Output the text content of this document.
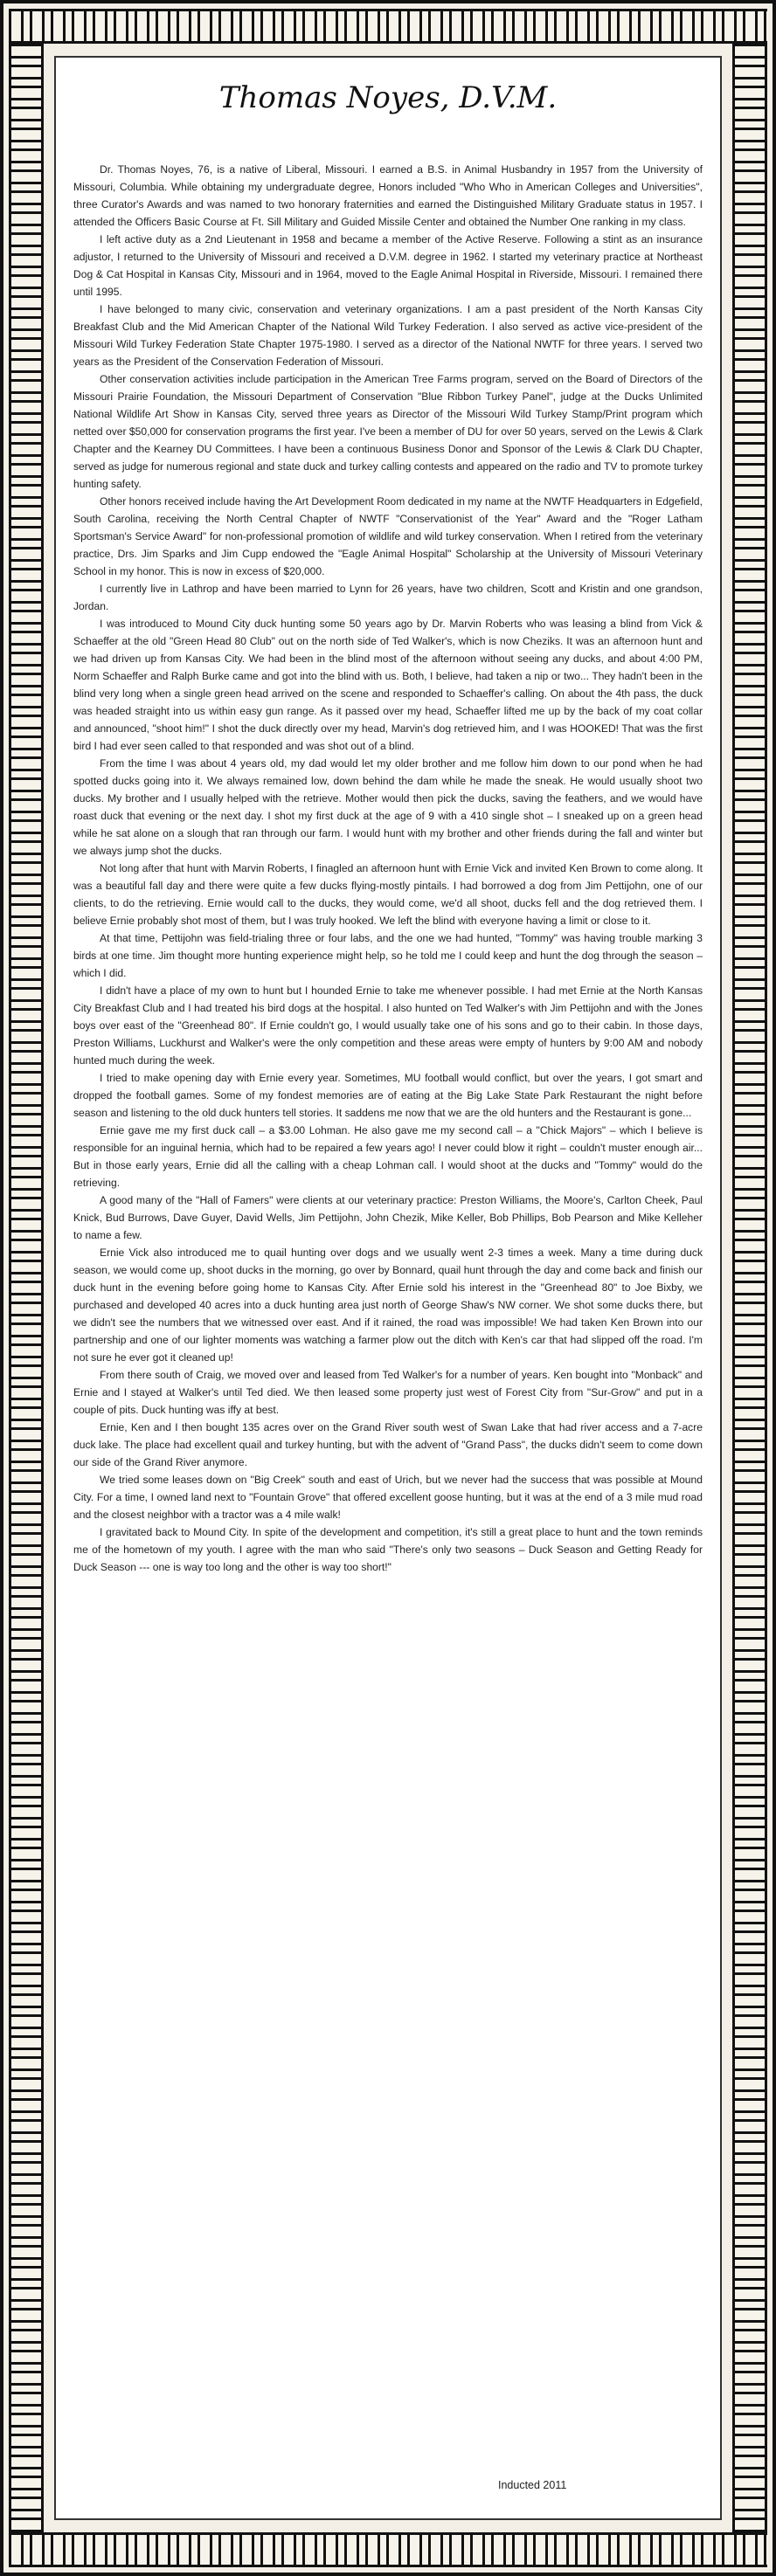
Thomas Noyes, D.V.M.

Dr. Thomas Noyes, 76, is a native of Liberal, Missouri. I earned a B.S. in Animal Husbandry in 1957 from the University of Missouri, Columbia. While obtaining my undergraduate degree, Honors included "Who Who in American Colleges and Universities", three Curator's Awards and was named to two honorary fraternities and earned the Distinguished Military Graduate status in 1957. I attended the Officers Basic Course at Ft. Sill Military and Guided Missile Center and obtained the Number One ranking in my class.

I left active duty as a 2nd Lieutenant in 1958 and became a member of the Active Reserve. Following a stint as an insurance adjustor, I returned to the University of Missouri and received a D.V.M. degree in 1962. I started my veterinary practice at Northeast Dog & Cat Hospital in Kansas City, Missouri and in 1964, moved to the Eagle Animal Hospital in Riverside, Missouri. I remained there until 1995.

I have belonged to many civic, conservation and veterinary organizations. I am a past president of the North Kansas City Breakfast Club and the Mid American Chapter of the National Wild Turkey Federation. I also served as active vice-president of the Missouri Wild Turkey Federation State Chapter 1975-1980. I served as a director of the National NWTF for three years. I served two years as the President of the Conservation Federation of Missouri.

Other conservation activities include participation in the American Tree Farms program, served on the Board of Directors of the Missouri Prairie Foundation, the Missouri Department of Conservation "Blue Ribbon Turkey Panel", judge at the Ducks Unlimited National Wildlife Art Show in Kansas City, served three years as Director of the Missouri Wild Turkey Stamp/Print program which netted over $50,000 for conservation programs the first year. I've been a member of DU for over 50 years, served on the Lewis & Clark Chapter and the Kearney DU Committees. I have been a continuous Business Donor and Sponsor of the Lewis & Clark DU Chapter, served as judge for numerous regional and state duck and turkey calling contests and appeared on the radio and TV to promote turkey hunting safety.

Other honors received include having the Art Development Room dedicated in my name at the NWTF Headquarters in Edgefield, South Carolina, receiving the North Central Chapter of NWTF "Conservationist of the Year" Award and the "Roger Latham Sportsman's Service Award" for non-professional promotion of wildlife and wild turkey conservation. When I retired from the veterinary practice, Drs. Jim Sparks and Jim Cupp endowed the "Eagle Animal Hospital" Scholarship at the University of Missouri Veterinary School in my honor. This is now in excess of $20,000.

I currently live in Lathrop and have been married to Lynn for 26 years, have two children, Scott and Kristin and one grandson, Jordan.

I was introduced to Mound City duck hunting some 50 years ago by Dr. Marvin Roberts who was leasing a blind from Vick & Schaeffer at the old "Green Head 80 Club" out on the north side of Ted Walker's, which is now Cheziks. It was an afternoon hunt and we had driven up from Kansas City. We had been in the blind most of the afternoon without seeing any ducks, and about 4:00 PM, Norm Schaeffer and Ralph Burke came and got into the blind with us. Both, I believe, had taken a nip or two... They hadn't been in the blind very long when a single green head arrived on the scene and responded to Schaeffer's calling. On about the 4th pass, the duck was headed straight into us within easy gun range. As it passed over my head, Schaeffer lifted me up by the back of my coat collar and announced, "shoot him!" I shot the duck directly over my head, Marvin's dog retrieved him, and I was HOOKED! That was the first bird I had ever seen called to that responded and was shot out of a blind.

From the time I was about 4 years old, my dad would let my older brother and me follow him down to our pond when he had spotted ducks going into it. We always remained low, down behind the dam while he made the sneak. He would usually shoot two ducks. My brother and I usually helped with the retrieve. Mother would then pick the ducks, saving the feathers, and we would have roast duck that evening or the next day. I shot my first duck at the age of 9 with a 410 single shot – I sneaked up on a green head while he sat alone on a slough that ran through our farm. I would hunt with my brother and other friends during the fall and winter but we always jump shot the ducks.

Not long after that hunt with Marvin Roberts, I finagled an afternoon hunt with Ernie Vick and invited Ken Brown to come along. It was a beautiful fall day and there were quite a few ducks flying-mostly pintails. I had borrowed a dog from Jim Pettijohn, one of our clients, to do the retrieving. Ernie would call to the ducks, they would come, we'd all shoot, ducks fell and the dog retrieved them. I believe Ernie probably shot most of them, but I was truly hooked. We left the blind with everyone having a limit or close to it.

At that time, Pettijohn was field-trialing three or four labs, and the one we had hunted, "Tommy" was having trouble marking 3 birds at one time. Jim thought more hunting experience might help, so he told me I could keep and hunt the dog through the season – which I did.

I didn't have a place of my own to hunt but I hounded Ernie to take me whenever possible. I had met Ernie at the North Kansas City Breakfast Club and I had treated his bird dogs at the hospital. I also hunted on Ted Walker's with Jim Pettijohn and with the Jones boys over east of the "Greenhead 80". If Ernie couldn't go, I would usually take one of his sons and go to their cabin. In those days, Preston Williams, Luckhurst and Walker's were the only competition and these areas were empty of hunters by 9:00 AM and nobody hunted much during the week.

I tried to make opening day with Ernie every year. Sometimes, MU football would conflict, but over the years, I got smart and dropped the football games. Some of my fondest memories are of eating at the Big Lake State Park Restaurant the night before season and listening to the old duck hunters tell stories. It saddens me now that we are the old hunters and the Restaurant is gone...

Ernie gave me my first duck call – a $3.00 Lohman. He also gave me my second call – a "Chick Majors" – which I believe is responsible for an inguinal hernia, which had to be repaired a few years ago! I never could blow it right – couldn't muster enough air... But in those early years, Ernie did all the calling with a cheap Lohman call. I would shoot at the ducks and "Tommy" would do the retrieving.

A good many of the "Hall of Famers" were clients at our veterinary practice: Preston Williams, the Moore's, Carlton Cheek, Paul Knick, Bud Burrows, Dave Guyer, David Wells, Jim Pettijohn, John Chezik, Mike Keller, Bob Phillips, Bob Pearson and Mike Kelleher to name a few.

Ernie Vick also introduced me to quail hunting over dogs and we usually went 2-3 times a week. Many a time during duck season, we would come up, shoot ducks in the morning, go over by Bonnard, quail hunt through the day and come back and finish our duck hunt in the evening before going home to Kansas City. After Ernie sold his interest in the "Greenhead 80" to Joe Bixby, we purchased and developed 40 acres into a duck hunting area just north of George Shaw's NW corner. We shot some ducks there, but we didn't see the numbers that we witnessed over east. And if it rained, the road was impossible! We had taken Ken Brown into our partnership and one of our lighter moments was watching a farmer plow out the ditch with Ken's car that had slipped off the road. I'm not sure he ever got it cleaned up!

From there south of Craig, we moved over and leased from Ted Walker's for a number of years. Ken bought into "Monback" and Ernie and I stayed at Walker's until Ted died. We then leased some property just west of Forest City from "Sur-Grow" and put in a couple of pits. Duck hunting was iffy at best.

Ernie, Ken and I then bought 135 acres over on the Grand River south west of Swan Lake that had river access and a 7-acre duck lake. The place had excellent quail and turkey hunting, but with the advent of "Grand Pass", the ducks didn't seem to come down our side of the Grand River anymore.

We tried some leases down on "Big Creek" south and east of Urich, but we never had the success that was possible at Mound City. For a time, I owned land next to "Fountain Grove" that offered excellent goose hunting, but it was at the end of a 3 mile mud road and the closest neighbor with a tractor was a 4 mile walk!

I gravitated back to Mound City. In spite of the development and competition, it's still a great place to hunt and the town reminds me of the hometown of my youth. I agree with the man who said "There's only two seasons – Duck Season and Getting Ready for Duck Season --- one is way too long and the other is way too short!"

Inducted 2011
